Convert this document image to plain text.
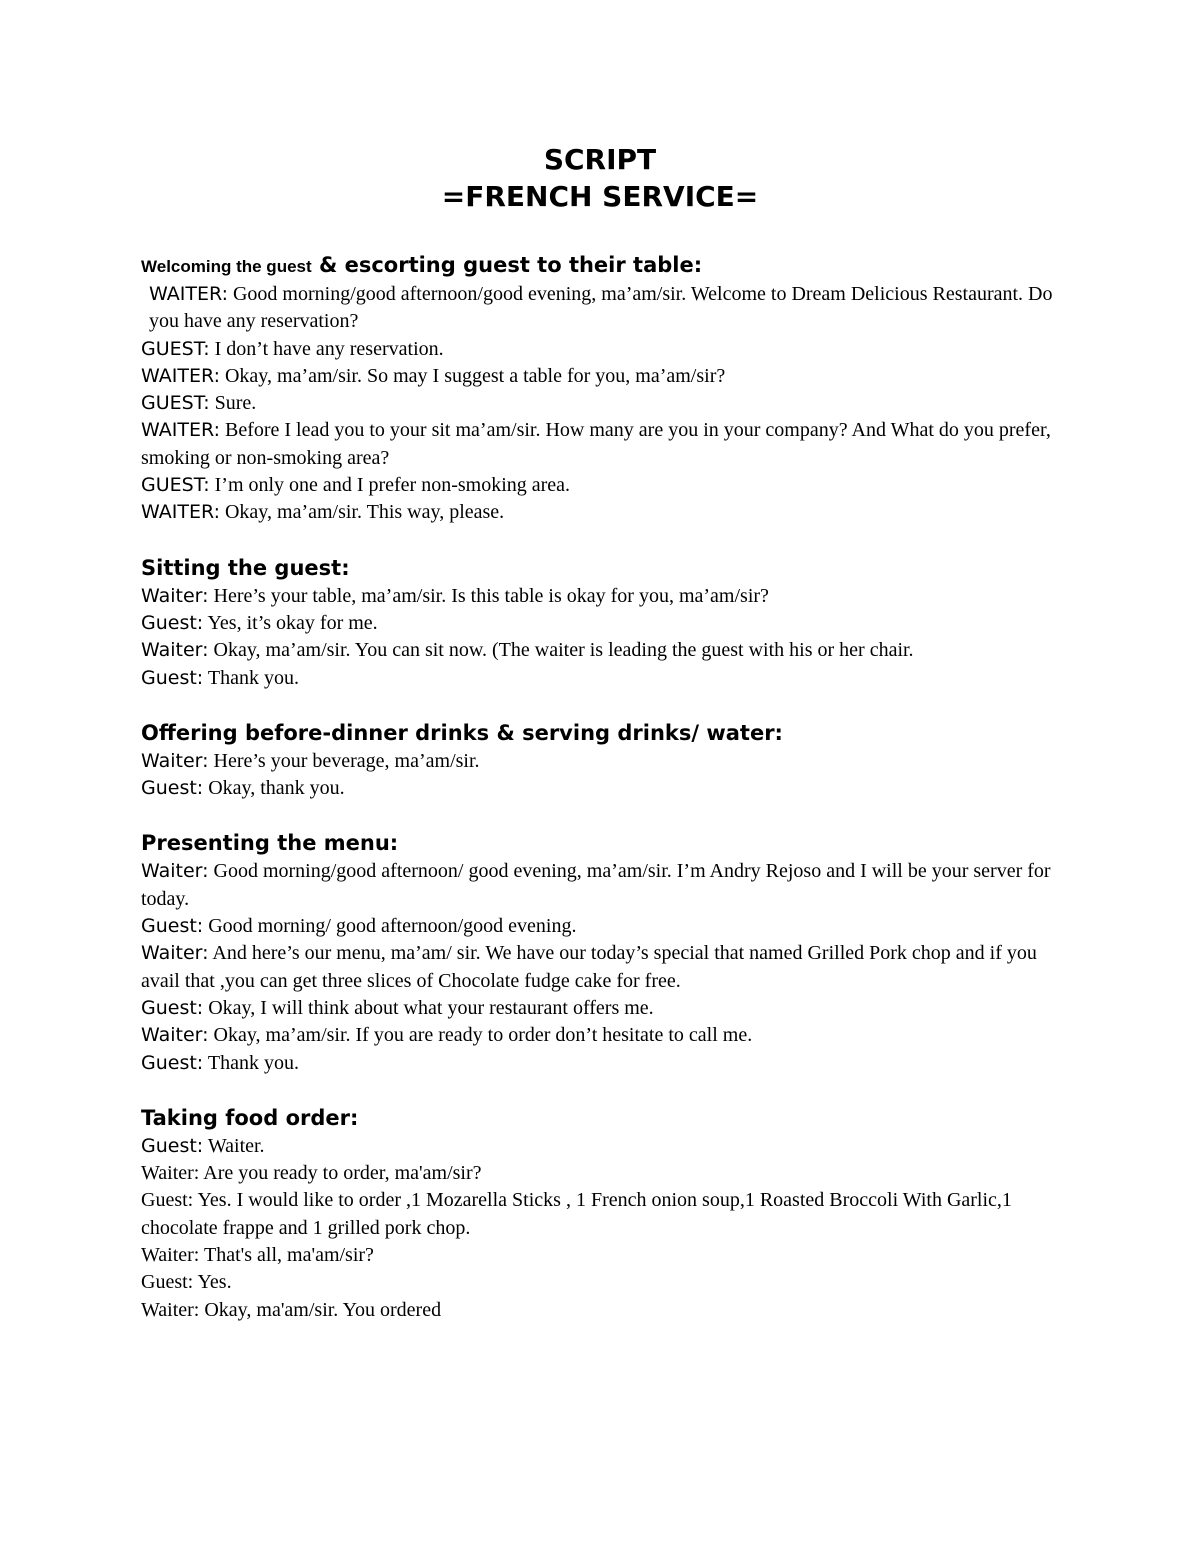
SCRIPT
=FRENCH SERVICE=

Welcoming the guest & escorting guest to their table:

WAITER: Good morning/good afternoon/good evening, ma’am/sir. Welcome to Dream Delicious Restaurant. Do you have any reservation?

GUEST: I don’t have any reservation.

WAITER: Okay, ma’am/sir. So may I suggest a table for you, ma’am/sir?

GUEST: Sure.

WAITER: Before I lead you to your sit ma’am/sir. How many are you in your company? And What do you prefer, smoking or non-smoking area?

GUEST: I’m only one and I prefer non-smoking area.

WAITER: Okay, ma’am/sir. This way, please.

Sitting the guest:

Waiter: Here’s your table, ma’am/sir. Is this table is okay for you, ma’am/sir?

Guest: Yes, it’s okay for me.

Waiter: Okay, ma’am/sir. You can sit now. (The waiter is leading the guest with his or her chair.

Guest: Thank you.

Offering before-dinner drinks & serving drinks/ water:

Waiter: Here’s your beverage, ma’am/sir.

Guest: Okay, thank you.

Presenting the menu:

Waiter: Good morning/good afternoon/ good evening, ma’am/sir. I’m Andry Rejoso and I will be your server for today.

Guest: Good morning/ good afternoon/good evening.

Waiter: And here’s our menu, ma’am/ sir. We have our today’s special that named Grilled Pork chop and if you avail that ,you can get three slices of Chocolate fudge cake for free.

Guest: Okay, I will think about what your restaurant offers me.

Waiter: Okay, ma’am/sir. If you are ready to order don’t hesitate to call me.

Guest: Thank you.

Taking food order:

Guest: Waiter.

Waiter: Are you ready to order, ma'am/sir?

Guest: Yes. I would like to order ,1 Mozarella Sticks , 1 French onion soup,1 Roasted Broccoli With Garlic,1 chocolate frappe and 1 grilled pork chop.

Waiter: That's all, ma'am/sir?

Guest: Yes.

Waiter: Okay, ma'am/sir. You ordered
